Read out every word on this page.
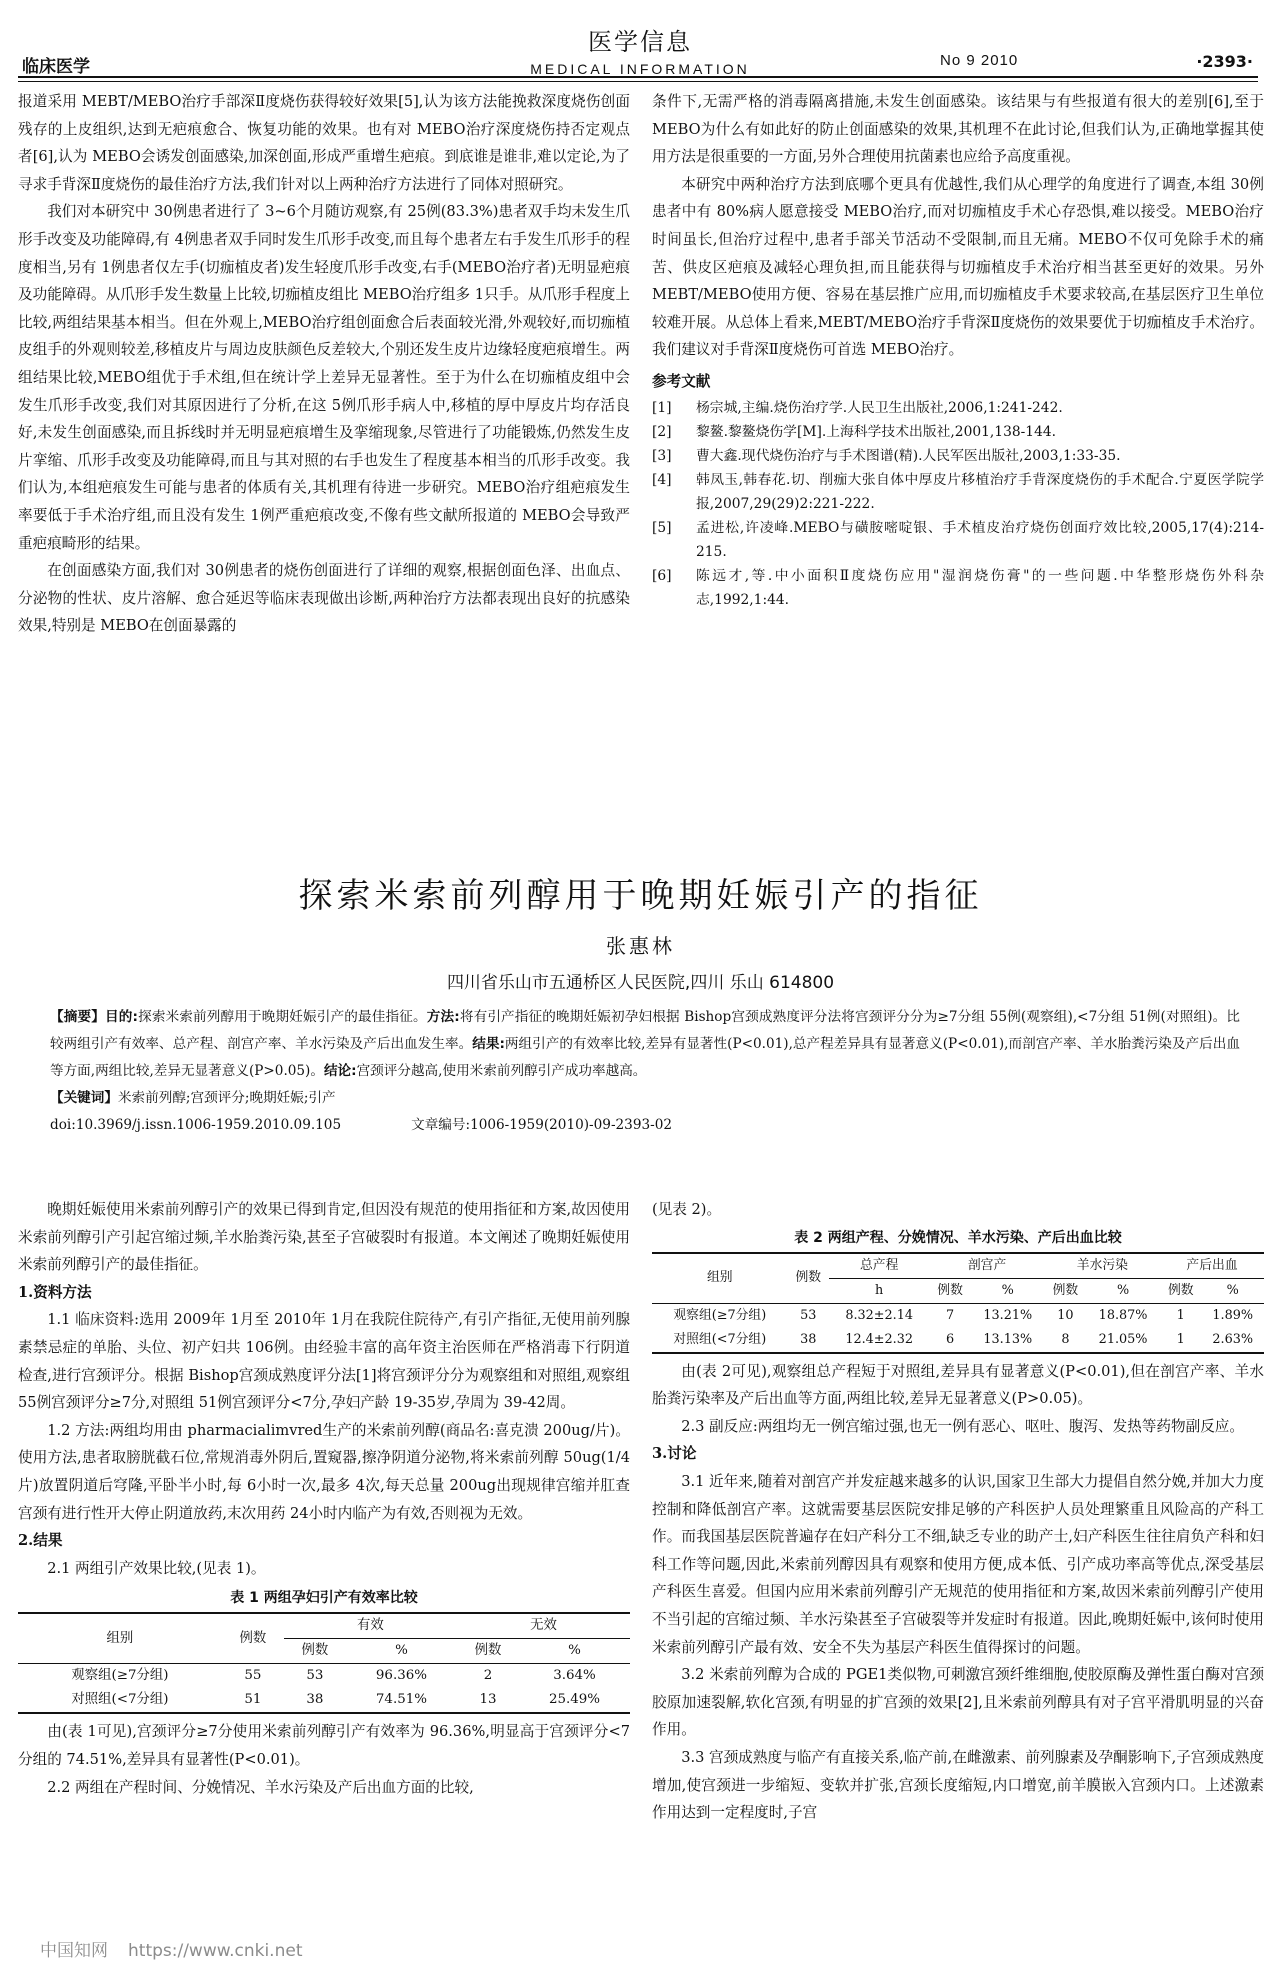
医学信息
MEDICAL INFORMATION
临床医学	No 9 2010	·2393·

报道采用 MEBT/MEBO治疗手部深Ⅱ度烧伤获得较好效果[5],认为该方法能挽救深度烧伤创面残存的上皮组织,达到无疤痕愈合、恢复功能的效果。也有对 MEBO治疗深度烧伤持否定观点者[6],认为 MEBO会诱发创面感染,加深创面,形成严重增生疤痕。到底谁是谁非,难以定论,为了寻求手背深Ⅱ度烧伤的最佳治疗方法,我们针对以上两种治疗方法进行了同体对照研究。

我们对本研究中 30例患者进行了 3~6个月随访观察,有 25例(83.3%)患者双手均未发生爪形手改变及功能障碍,有 4例患者双手同时发生爪形手改变,而且每个患者左右手发生爪形手的程度相当,另有 1例患者仅左手(切痂植皮者)发生轻度爪形手改变,右手(MEBO治疗者)无明显疤痕及功能障碍。从爪形手发生数量上比较,切痂植皮组比 MEBO治疗组多 1只手。从爪形手程度上比较,两组结果基本相当。但在外观上,MEBO治疗组创面愈合后表面较光滑,外观较好,而切痂植皮组手的外观则较差,移植皮片与周边皮肤颜色反差较大,个别还发生皮片边缘轻度疤痕增生。两组结果比较,MEBO组优于手术组,但在统计学上差异无显著性。至于为什么在切痂植皮组中会发生爪形手改变,我们对其原因进行了分析,在这 5例爪形手病人中,移植的厚中厚皮片均存活良好,未发生创面感染,而且拆线时并无明显疤痕增生及挛缩现象,尽管进行了功能锻炼,仍然发生皮片挛缩、爪形手改变及功能障碍,而且与其对照的右手也发生了程度基本相当的爪形手改变。我们认为,本组疤痕发生可能与患者的体质有关,其机理有待进一步研究。MEBO治疗组疤痕发生率要低于手术治疗组,而且没有发生 1例严重疤痕改变,不像有些文献所报道的 MEBO会导致严重疤痕畸形的结果。

在创面感染方面,我们对 30例患者的烧伤创面进行了详细的观察,根据创面色泽、出血点、分泌物的性状、皮片溶解、愈合延迟等临床表现做出诊断,两种治疗方法都表现出良好的抗感染效果,特别是 MEBO在创面暴露的

条件下,无需严格的消毒隔离措施,未发生创面感染。该结果与有些报道有很大的差别[6],至于 MEBO为什么有如此好的防止创面感染的效果,其机理不在此讨论,但我们认为,正确地掌握其使用方法是很重要的一方面,另外合理使用抗菌素也应给予高度重视。

本研究中两种治疗方法到底哪个更具有优越性,我们从心理学的角度进行了调查,本组 30例患者中有 80%病人愿意接受 MEBO治疗,而对切痂植皮手术心存恐惧,难以接受。MEBO治疗时间虽长,但治疗过程中,患者手部关节活动不受限制,而且无痛。MEBO不仅可免除手术的痛苦、供皮区疤痕及减轻心理负担,而且能获得与切痂植皮手术治疗相当甚至更好的效果。另外 MEBT/MEBO使用方便、容易在基层推广应用,而切痂植皮手术要求较高,在基层医疗卫生单位较难开展。从总体上看来,MEBT/MEBO治疗手背深Ⅱ度烧伤的效果要优于切痂植皮手术治疗。我们建议对手背深Ⅱ度烧伤可首选 MEBO治疗。

参考文献

[1]	杨宗城,主编.烧伤治疗学.人民卫生出版社,2006,1:241-242.
[2]	黎鳌.黎鳌烧伤学[M].上海科学技术出版社,2001,138-144.
[3]	曹大鑫.现代烧伤治疗与手术图谱(精).人民军医出版社,2003,1:33-35.
[4]	韩凤玉,韩春花.切、削痂大张自体中厚皮片移植治疗手背深度烧伤的手术配合.宁夏医学院学报,2007,29(29)2:221-222.
[5]	孟进松,许凌峰.MEBO与磺胺嘧啶银、手术植皮治疗烧伤创面疗效比较,2005,17(4):214-215.
[6]	陈远才,等.中小面积Ⅱ度烧伤应用"湿润烧伤膏"的一些问题.中华整形烧伤外科杂志,1992,1:44.
探索米索前列醇用于晚期妊娠引产的指征
张惠林
四川省乐山市五通桥区人民医院,四川 乐山 614800

【摘要】目的:探索米索前列醇用于晚期妊娠引产的最佳指征。方法:将有引产指征的晚期妊娠初孕妇根据 Bishop宫颈成熟度评分法将宫颈评分分为≥7分组 55例(观察组),<7分组 51例(对照组)。比较两组引产有效率、总产程、剖宫产率、羊水污染及产后出血发生率。结果:两组引产的有效率比较,差异有显著性(P<0.01),总产程差异具有显著意义(P<0.01),而剖宫产率、羊水胎粪污染及产后出血等方面,两组比较,差异无显著意义(P>0.05)。结论:宫颈评分越高,使用米索前列醇引产成功率越高。

【关键词】米索前列醇;宫颈评分;晚期妊娠;引产

doi:10.3969/j.issn.1006-1959.2010.09.105	文章编号:1006-1959(2010)-09-2393-02

晚期妊娠使用米索前列醇引产的效果已得到肯定,但因没有规范的使用指征和方案,故因使用米索前列醇引产引起宫缩过频,羊水胎粪污染,甚至子宫破裂时有报道。本文阐述了晚期妊娠使用米索前列醇引产的最佳指征。

1.资料方法

1.1 临床资料:选用 2009年 1月至 2010年 1月在我院住院待产,有引产指征,无使用前列腺素禁忌症的单胎、头位、初产妇共 106例。由经验丰富的高年资主治医师在严格消毒下行阴道检查,进行宫颈评分。根据 Bishop宫颈成熟度评分法[1]将宫颈评分分为观察组和对照组,观察组 55例宫颈评分≥7分,对照组 51例宫颈评分<7分,孕妇产龄 19-35岁,孕周为 39-42周。

1.2 方法:两组均用由 pharmacialimvred生产的米索前列醇(商品名:喜克溃 200ug/片)。使用方法,患者取膀胱截石位,常规消毒外阴后,置窥器,擦净阴道分泌物,将米索前列醇 50ug(1/4片)放置阴道后穹隆,平卧半小时,每 6小时一次,最多 4次,每天总量 200ug出现规律宫缩并肛查宫颈有进行性开大停止阴道放药,末次用药 24小时内临产为有效,否则视为无效。

2.结果

2.1 两组引产效果比较,(见表 1)。

表 1 两组孕妇引产有效率比较
组别	例数	有效		无效	
		例数	%	例数	%
观察组(≥7分组)	55	53	96.36%	2	3.64%
对照组(<7分组)	51	38	74.51%	13	25.49%

由(表 1可见),宫颈评分≥7分使用米索前列醇引产有效率为 96.36%,明显高于宫颈评分<7分组的 74.51%,差异具有显著性(P<0.01)。

2.2 两组在产程时间、分娩情况、羊水污染及产后出血方面的比较,

(见表 2)。

表 2 两组产程、分娩情况、羊水污染、产后出血比较
组别	例数	总产程	剖宫产		羊水污染		产后出血	
		h	例数	%	例数	%	例数	%
观察组(≥7分组)	53	8.32±2.14	7	13.21%	10	18.87%	1	1.89%
对照组(<7分组)	38	12.4±2.32	6	13.13%	8	21.05%	1	2.63%

由(表 2可见),观察组总产程短于对照组,差异具有显著意义(P<0.01),但在剖宫产率、羊水胎粪污染率及产后出血等方面,两组比较,差异无显著意义(P>0.05)。

2.3 副反应:两组均无一例宫缩过强,也无一例有恶心、呕吐、腹泻、发热等药物副反应。

3.讨论

3.1 近年来,随着对剖宫产并发症越来越多的认识,国家卫生部大力提倡自然分娩,并加大力度控制和降低剖宫产率。这就需要基层医院安排足够的产科医护人员处理繁重且风险高的产科工作。而我国基层医院普遍存在妇产科分工不细,缺乏专业的助产士,妇产科医生往往肩负产科和妇科工作等问题,因此,米索前列醇因具有观察和使用方便,成本低、引产成功率高等优点,深受基层产科医生喜爱。但国内应用米索前列醇引产无规范的使用指征和方案,故因米索前列醇引产使用不当引起的宫缩过频、羊水污染甚至子宫破裂等并发症时有报道。因此,晚期妊娠中,该何时使用米索前列醇引产最有效、安全不失为基层产科医生值得探讨的问题。

3.2 米索前列醇为合成的 PGE1类似物,可刺激宫颈纤维细胞,使胶原酶及弹性蛋白酶对宫颈胶原加速裂解,软化宫颈,有明显的扩宫颈的效果[2],且米索前列醇具有对子宫平滑肌明显的兴奋作用。

3.3 宫颈成熟度与临产有直接关系,临产前,在雌激素、前列腺素及孕酮影响下,子宫颈成熟度增加,使宫颈进一步缩短、变软并扩张,宫颈长度缩短,内口增宽,前羊膜嵌入宫颈内口。上述激素作用达到一定程度时,子宫

中国知网 https://www.cnki.net
